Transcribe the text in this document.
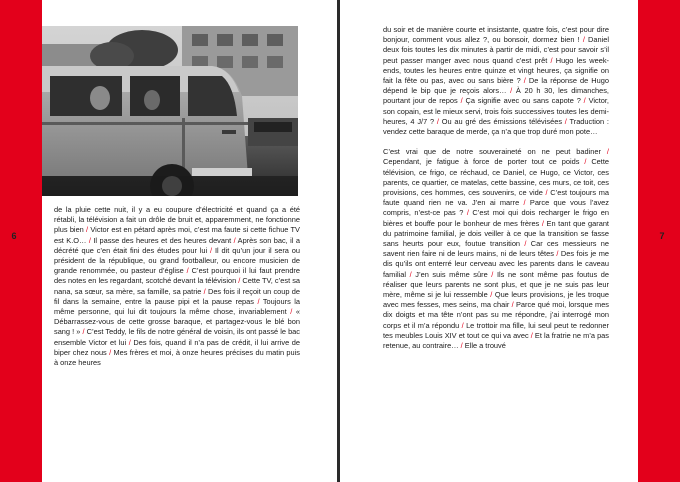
6	7

de la pluie cette nuit, il y a eu coupure d’électricité et quand ça a été rétabli, la télévision a fait un drôle de bruit et, apparemment, ne fonctionne plus bien / Victor est en pétard après moi, c’est ma faute si cette fichue TV est K.O… / Il passe des heures et des heures devant / Après son bac, il a décrété que c’en était fini des études pour lui / Il dit qu’un jour il sera ou président de la république, ou grand footballeur, ou encore musicien de grande renommée, ou pasteur d’église / C’est pourquoi il lui faut prendre des notes en les regardant, scotché devant la télévision / Cette TV, c’est sa nana, sa sœur, sa mère, sa famille, sa patrie / Des fois il reçoit un coup de fil dans la semaine, entre la pause pipi et la pause repas / Toujours la même personne, qui lui dit toujours la même chose, invariablement / « Débarrassez-vous de cette grosse baraque, et partagez-vous le blé bon sang ! » / C’est Teddy, le fils de notre général de voisin, ils ont passé le bac ensemble Victor et lui / Des fois, quand il n’a pas de crédit, il lui arrive de biper chez nous / Mes frères et moi, à onze heures précises du matin puis à onze heures

du soir et de manière courte et insistante, quatre fois, c’est pour dire bonjour, comment vous allez ?, ou bonsoir, dormez bien ! / Daniel deux fois toutes les dix minutes à partir de midi, c’est pour savoir s’il peut passer manger avec nous quand c’est prêt / Hugo les week-ends, toutes les heures entre quinze et vingt heures, ça signifie on fait la fête ou pas, avec ou sans bière ? / De la réponse de Hugo dépend le bip que je reçois alors… / À 20 h 30, les dimanches, pourtant jour de repos / Ça signifie avec ou sans capote ? / Victor, son copain, est le mieux servi, trois fois successives toutes les demi-heures, 4 J/7 ? / Ou au gré des émissions télévisées / Traduction : vendez cette baraque de merde, ça n’a que trop duré mon pote…

C’est vrai que de notre souveraineté on ne peut badiner / Cependant, je fatigue à force de porter tout ce poids / Cette télévision, ce frigo, ce réchaud, ce Daniel, ce Hugo, ce Victor, ces parents, ce quartier, ce matelas, cette bassine, ces murs, ce toit, ces provisions, ces hommes, ces souvenirs, ce vide / C’est toujours ma faute quand rien ne va. J’en ai marre / Parce que vous l’avez compris, n’est-ce pas ? / C’est moi qui dois recharger le frigo en bières et bouffe pour le bonheur de mes frères / En tant que garant du patrimoine familial, je dois veiller à ce que la transition se fasse sans heurts pour eux, foutue transition / Car ces messieurs ne savent rien faire ni de leurs mains, ni de leurs têtes / Des fois je me dis qu’ils ont enterré leur cerveau avec les parents dans le caveau familial / J’en suis même sûre / Ils ne sont même pas foutus de réaliser que leurs parents ne sont plus, et que je ne suis pas leur mère, même si je lui ressemble / Que leurs provisions, je les troque avec mes fesses, mes seins, ma chair / Parce qué moi, lorsque mes dix doigts et ma tête n’ont pas su me répondre, j’ai interrogé mon corps et il m’a répondu / Le trottoir ma fille, lui seul peut te redonner tes meubles Louis XIV et tout ce qui va avec / Et la fratrie ne m’a pas retenue, au contraire… / Elle a trouvé
